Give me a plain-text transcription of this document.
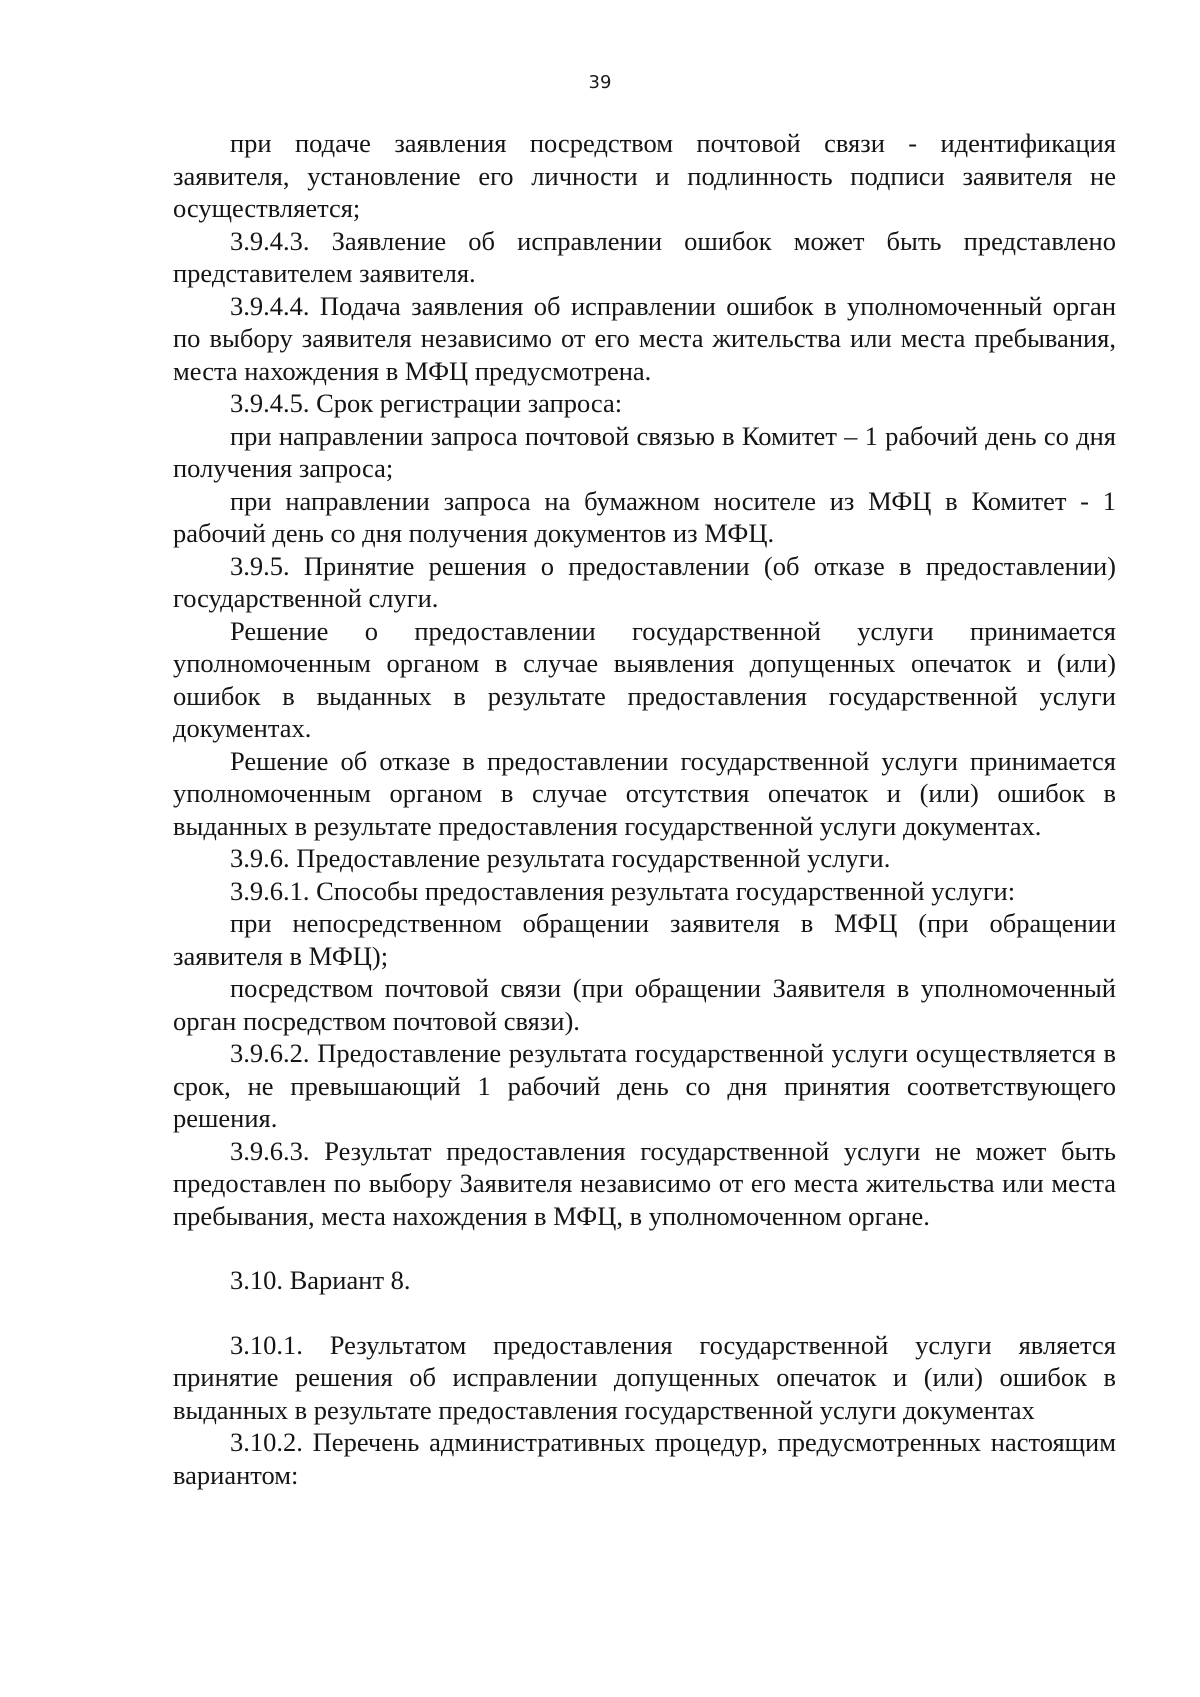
39

при подаче заявления посредством почтовой связи - идентификация заявителя, установление его личности и подлинность подписи заявителя не осуществляется;

3.9.4.3. Заявление об исправлении ошибок может быть представлено представителем заявителя.

3.9.4.4. Подача заявления об исправлении ошибок в уполномоченный орган по выбору заявителя независимо от его места жительства или места пребывания, места нахождения в МФЦ предусмотрена.

3.9.4.5. Срок регистрации запроса:

при направлении запроса почтовой связью в Комитет – 1 рабочий день со дня получения запроса;

при направлении запроса на бумажном носителе из МФЦ в Комитет - 1 рабочий день со дня получения документов из МФЦ.

3.9.5. Принятие решения о предоставлении (об отказе в предоставлении) государственной слуги.

Решение о предоставлении государственной услуги принимается уполномоченным органом в случае выявления допущенных опечаток и (или) ошибок в выданных в результате предоставления государственной услуги документах.

Решение об отказе в предоставлении государственной услуги принимается уполномоченным органом в случае отсутствия опечаток и (или) ошибок в выданных в результате предоставления государственной услуги документах.

3.9.6. Предоставление результата государственной услуги.

3.9.6.1. Способы предоставления результата государственной услуги:

при непосредственном обращении заявителя в МФЦ (при обращении заявителя в МФЦ);

посредством почтовой связи (при обращении Заявителя в уполномоченный орган посредством почтовой связи).

3.9.6.2. Предоставление результата государственной услуги осуществляется в срок, не превышающий 1 рабочий день со дня принятия соответствующего решения.

3.9.6.3. Результат предоставления государственной услуги не может быть предоставлен по выбору Заявителя независимо от его места жительства или места пребывания, места нахождения в МФЦ, в уполномоченном органе.

3.10. Вариант 8.

3.10.1. Результатом предоставления государственной услуги является принятие решения об исправлении допущенных опечаток и (или) ошибок в выданных в результате предоставления государственной услуги документах

3.10.2. Перечень административных процедур, предусмотренных настоящим вариантом:
